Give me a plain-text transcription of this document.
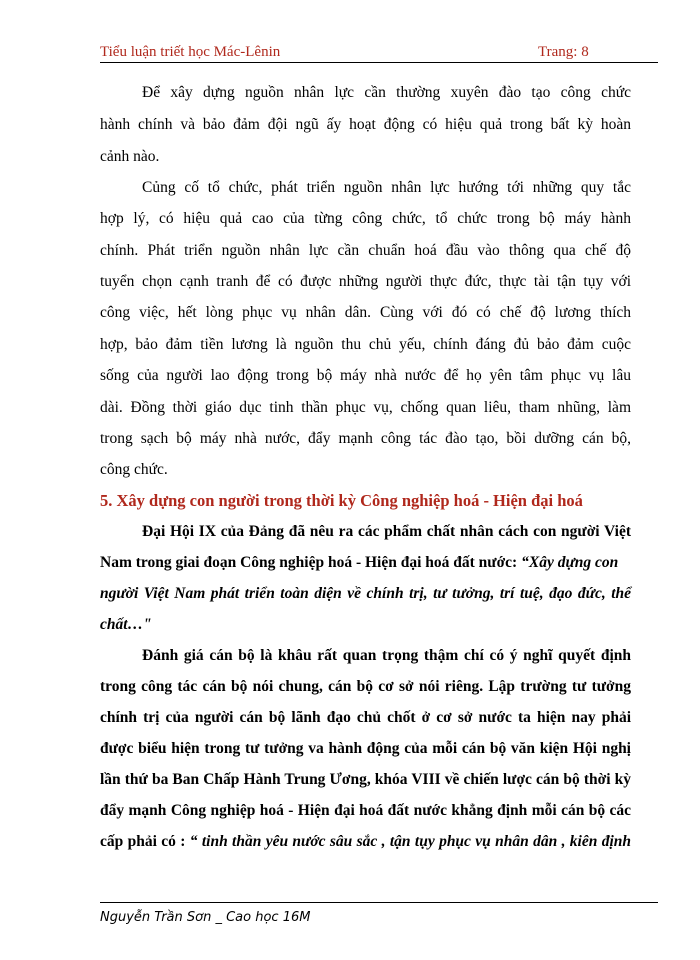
Tiểu luận triết học Mác-Lênin	Trang: 8
Để xây dựng nguồn nhân lực cần thường xuyên đào tạo công chức
hành chính và bảo đảm đội ngũ ấy hoạt động có hiệu quả trong bất kỳ hoàn
cảnh nào.
Củng cố tổ chức, phát triển nguồn nhân lực hướng tới những quy tắc
hợp lý, có hiệu quả cao của từng công chức, tổ chức trong bộ máy hành
chính. Phát triển nguồn nhân lực cần chuẩn hoá đầu vào thông qua chế độ
tuyển chọn cạnh tranh để có được những người thực đức, thực tài tận tụy với
công việc, hết lòng phục vụ nhân dân. Cùng với đó có chế độ lương thích
hợp, bảo đảm tiền lương là nguồn thu chủ yếu, chính đáng đủ bảo đảm cuộc
sống của người lao động trong bộ máy nhà nước để họ yên tâm phục vụ lâu
dài. Đồng thời giáo dục tinh thần phục vụ, chống quan liêu, tham nhũng, làm
trong sạch bộ máy nhà nước, đẩy mạnh công tác đào tạo, bồi dưỡng cán bộ,
công chức.
5. Xây dựng con người trong thời kỳ Công nghiệp hoá - Hiện đại hoá
Đại Hội IX của Đảng đã nêu ra các phẩm chất nhân cách con người Việt
Nam trong giai đoạn Công nghiệp hoá - Hiện đại hoá đất nước: “Xây dựng con
người Việt Nam phát triển toàn diện về chính trị, tư tưởng, trí tuệ, đạo đức, thể
chất…"
Đánh giá cán bộ là khâu rất quan trọng thậm chí có ý nghĩ quyết định
trong công tác cán bộ nói chung, cán bộ cơ sở nói riêng. Lập trường tư tưởng
chính trị của người cán bộ lãnh đạo chủ chốt ở cơ sở nước ta hiện nay phải
được biểu hiện trong tư tưởng va hành động của mỗi cán bộ văn kiện Hội nghị
lần thứ ba Ban Chấp Hành Trung Ương, khóa VIII về chiến lược cán bộ thời kỳ
đẩy mạnh Công nghiệp hoá - Hiện đại hoá đất nước khẳng định mỗi cán bộ các
cấp phải có : “ tinh thần yêu nước sâu sắc , tận tụy phục vụ nhân dân , kiên định
Nguyễn Trần Sơn _ Cao học 16M
